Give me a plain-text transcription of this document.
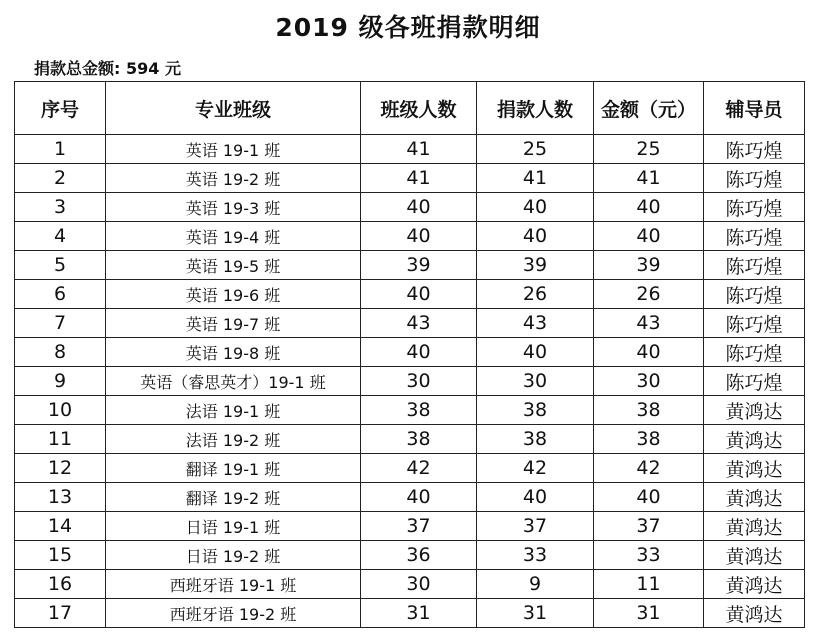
2019 级各班捐款明细
捐款总金额: 594 元
序号	专业班级	班级人数	捐款人数	金额（元）	辅导员
1	英语 19-1 班	41	25	25	陈巧煌
2	英语 19-2 班	41	41	41	陈巧煌
3	英语 19-3 班	40	40	40	陈巧煌
4	英语 19-4 班	40	40	40	陈巧煌
5	英语 19-5 班	39	39	39	陈巧煌
6	英语 19-6 班	40	26	26	陈巧煌
7	英语 19-7 班	43	43	43	陈巧煌
8	英语 19-8 班	40	40	40	陈巧煌
9	英语（睿思英才）19-1 班	30	30	30	陈巧煌
10	法语 19-1 班	38	38	38	黄鸿达
11	法语 19-2 班	38	38	38	黄鸿达
12	翻译 19-1 班	42	42	42	黄鸿达
13	翻译 19-2 班	40	40	40	黄鸿达
14	日语 19-1 班	37	37	37	黄鸿达
15	日语 19-2 班	36	33	33	黄鸿达
16	西班牙语 19-1 班	30	9	11	黄鸿达
17	西班牙语 19-2 班	31	31	31	黄鸿达
